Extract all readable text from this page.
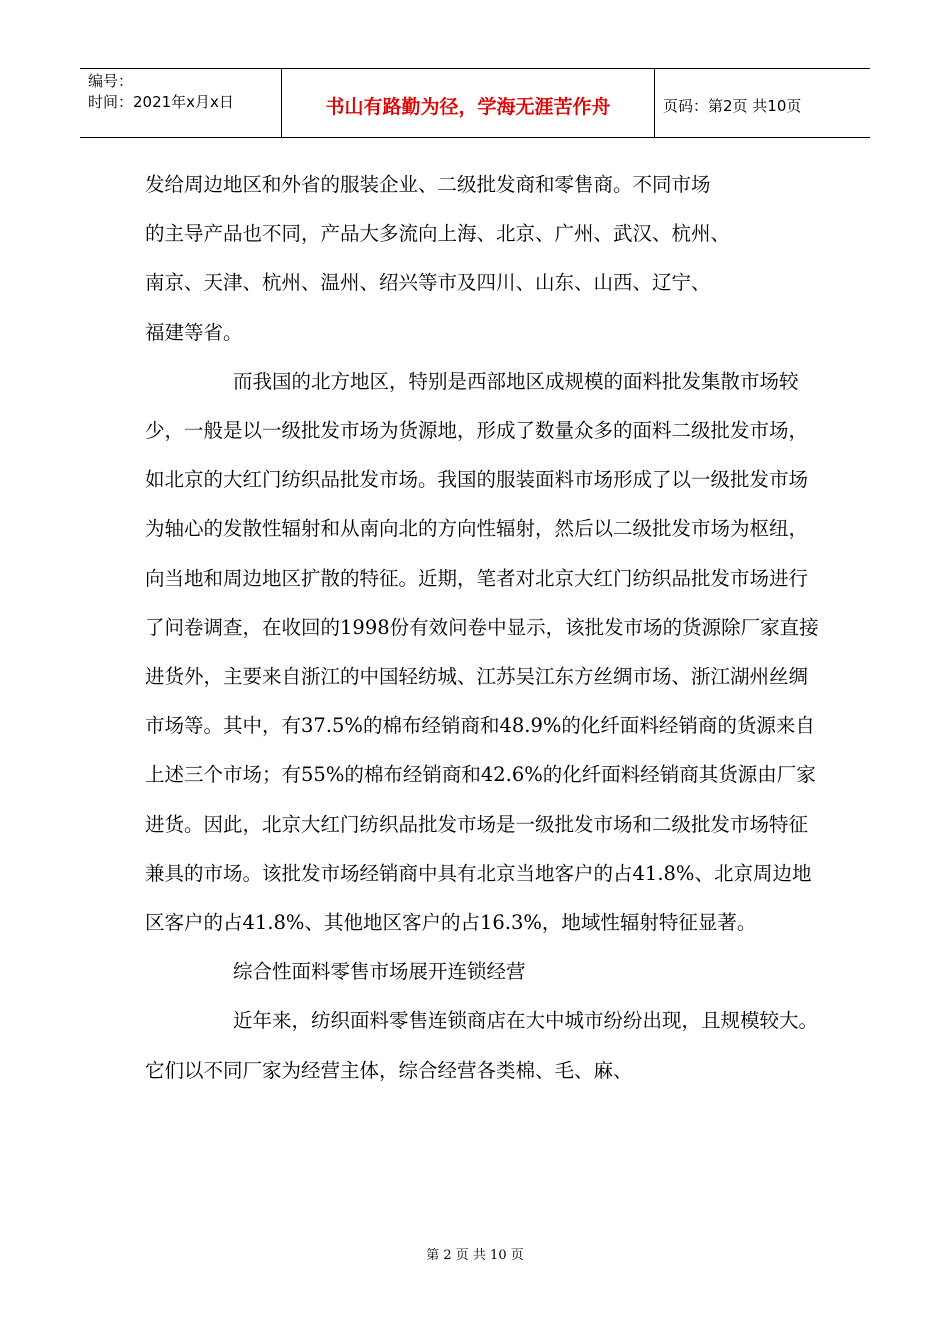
编号：
时间：2021年x月x日	书山有路勤为径，学海无涯苦作舟	页码：第2页 共10页

发给周边地区和外省的服装企业、二级批发商和零售商。不同市场

的主导产品也不同，产品大多流向上海、北京、广州、武汉、杭州、

南京、天津、杭州、温州、绍兴等市及四川、山东、山西、辽宁、

福建等省。

而我国的北方地区，特别是西部地区成规模的面料批发集散市场较少，一般是以一级批发市场为货源地，形成了数量众多的面料二级批发市场，如北京的大红门纺织品批发市场。我国的服装面料市场形成了以一级批发市场为轴心的发散性辐射和从南向北的方向性辐射，然后以二级批发市场为枢纽，向当地和周边地区扩散的特征。近期，笔者对北京大红门纺织品批发市场进行了问卷调查，在收回的1998份有效问卷中显示，该批发市场的货源除厂家直接进货外，主要来自浙江的中国轻纺城、江苏吴江东方丝绸市场、浙江湖州丝绸市场等。其中，有37.5%的棉布经销商和48.9%的化纤面料经销商的货源来自上述三个市场；有55%的棉布经销商和42.6%的化纤面料经销商其货源由厂家进货。因此，北京大红门纺织品批发市场是一级批发市场和二级批发市场特征兼具的市场。该批发市场经销商中具有北京当地客户的占41.8%、北京周边地区客户的占41.8%、其他地区客户的占16.3%，地域性辐射特征显著。

综合性面料零售市场展开连锁经营

近年来，纺织面料零售连锁商店在大中城市纷纷出现，且规模较大。它们以不同厂家为经营主体，综合经营各类棉、毛、麻、

第 2 页 共 10 页
